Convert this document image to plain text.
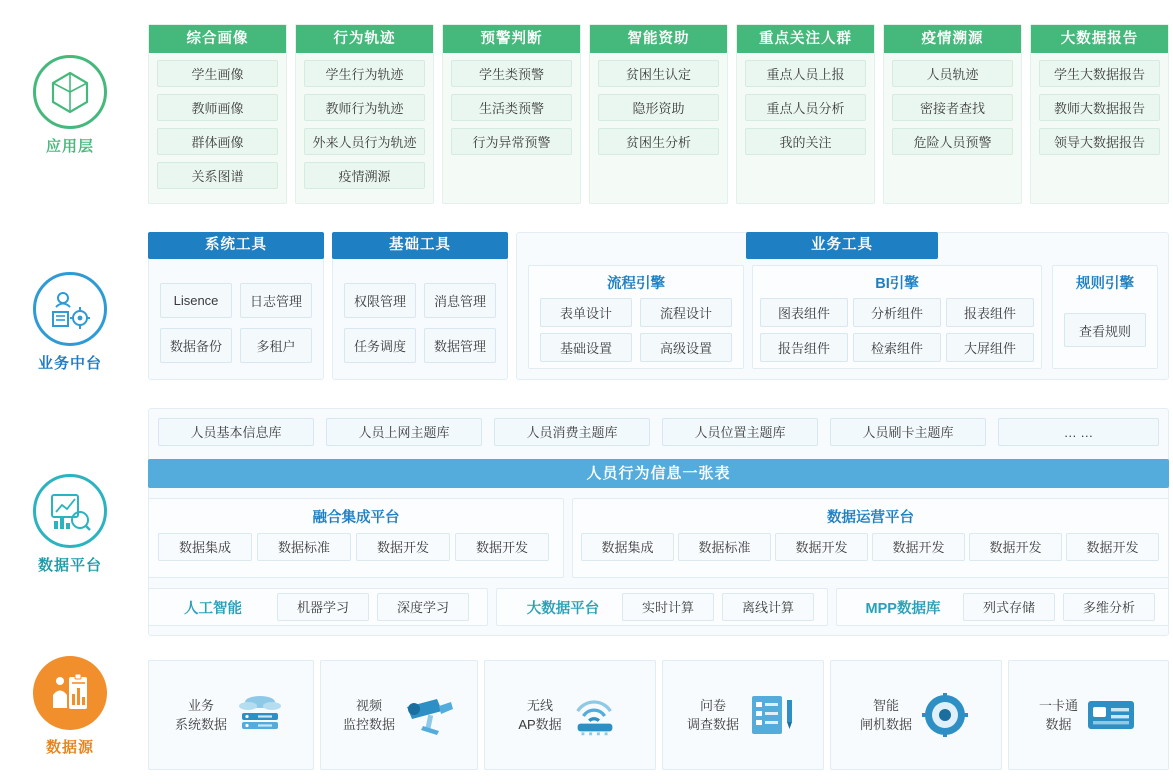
应用层
业务中台
数据平台
数据源
综合画像
学生画像
教师画像
群体画像
关系图谱
行为轨迹
学生行为轨迹
教师行为轨迹
外来人员行为轨迹
疫情溯源
预警判断
学生类预警
生活类预警
行为异常预警
智能资助
贫困生认定
隐形资助
贫困生分析
重点关注人群
重点人员上报
重点人员分析
我的关注
疫情溯源
人员轨迹
密接者查找
危险人员预警
大数据报告
学生大数据报告
教师大数据报告
领导大数据报告
系统工具
Lisence	日志管理
数据备份	多租户
基础工具
权限管理	消息管理
任务调度	数据管理
业务工具
流程引擎
表单设计	流程设计
基础设置	高级设置
BI引擎
图表组件	分析组件	报表组件
报告组件	检索组件	大屏组件
规则引擎
查看规则
人员基本信息库	人员上网主题库	人员消费主题库	人员位置主题库	人员刷卡主题库	… …
人员行为信息一张表
融合集成平台
数据集成	数据标准	数据开发	数据开发
数据运营平台
数据集成	数据标准	数据开发	数据开发	数据开发	数据开发
人工智能	机器学习	深度学习	大数据平台	实时计算	离线计算	MPP数据库	列式存储	多维分析
业务
系统数据
视频
监控数据
无线
AP数据
问卷
调查数据
智能
闸机数据
一卡通
数据
